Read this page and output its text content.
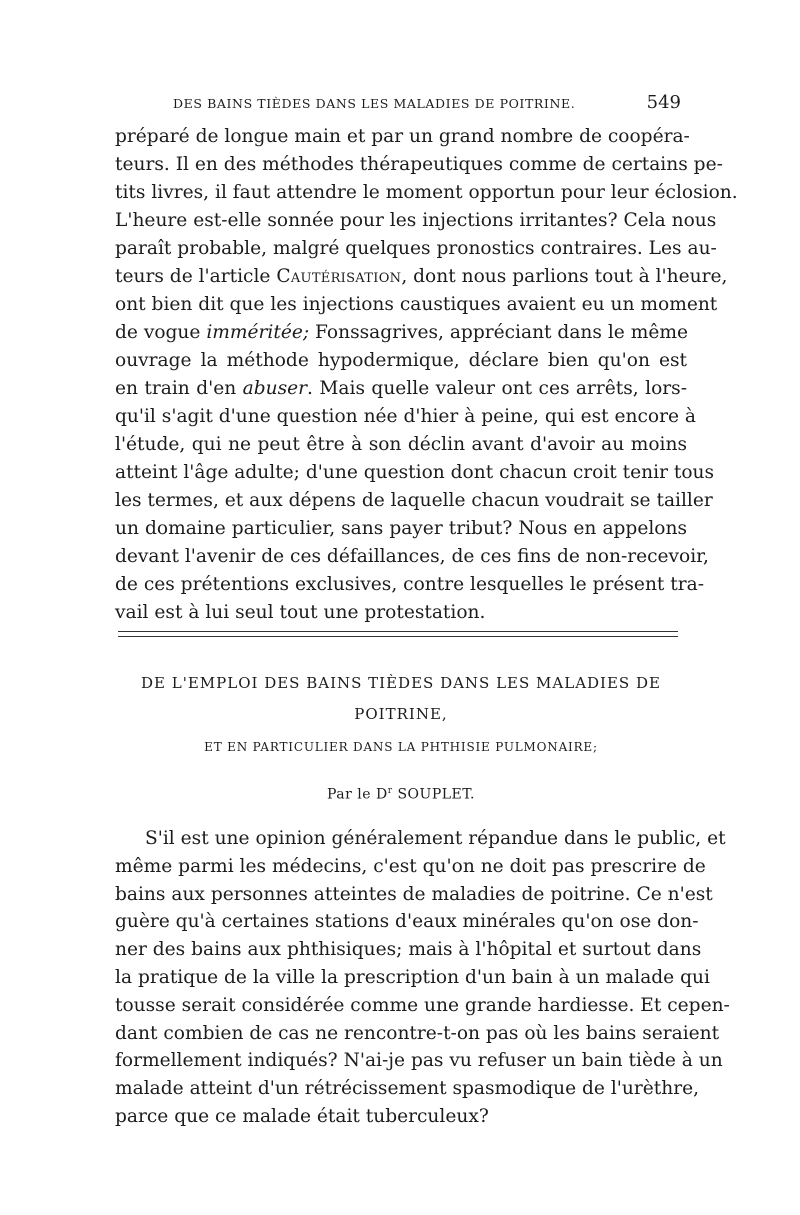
DES BAINS TIÈDES DANS LES MALADIES DE POITRINE.	549
préparé de longue main et par un grand nombre de coopéra-
teurs. Il en des méthodes thérapeutiques comme de certains pe-
tits livres, il faut attendre le moment opportun pour leur éclosion.
L'heure est-elle sonnée pour les injections irritantes? Cela nous
paraît probable, malgré quelques pronostics contraires. Les au-
teurs de l'article Cautérisation, dont nous parlions tout à l'heure,
ont bien dit que les injections caustiques avaient eu un moment
de vogue imméritée; Fonssagrives, appréciant dans le même
ouvrage la méthode hypodermique, déclare bien qu'on est
en train d'en abuser. Mais quelle valeur ont ces arrêts, lors-
qu'il s'agit d'une question née d'hier à peine, qui est encore à
l'étude, qui ne peut être à son déclin avant d'avoir au moins
atteint l'âge adulte; d'une question dont chacun croit tenir tous
les termes, et aux dépens de laquelle chacun voudrait se tailler
un domaine particulier, sans payer tribut? Nous en appelons
devant l'avenir de ces défaillances, de ces fins de non-recevoir,
de ces prétentions exclusives, contre lesquelles le présent tra-
vail est à lui seul tout une protestation.
DE L'EMPLOI DES BAINS TIÈDES DANS LES MALADIES DE
POITRINE,
ET EN PARTICULIER DANS LA PHTHISIE PULMONAIRE;

Par le $D^r$ SOUPLET.

S'il est une opinion généralement répandue dans le public, et
même parmi les médecins, c'est qu'on ne doit pas prescrire de
bains aux personnes atteintes de maladies de poitrine. Ce n'est
guère qu'à certaines stations d'eaux minérales qu'on ose don-
ner des bains aux phthisiques; mais à l'hôpital et surtout dans
la pratique de la ville la prescription d'un bain à un malade qui
tousse serait considérée comme une grande hardiesse. Et cepen-
dant combien de cas ne rencontre-t-on pas où les bains seraient
formellement indiqués? N'ai-je pas vu refuser un bain tiède à un
malade atteint d'un rétrécissement spasmodique de l'urèthre,
parce que ce malade était tuberculeux?
